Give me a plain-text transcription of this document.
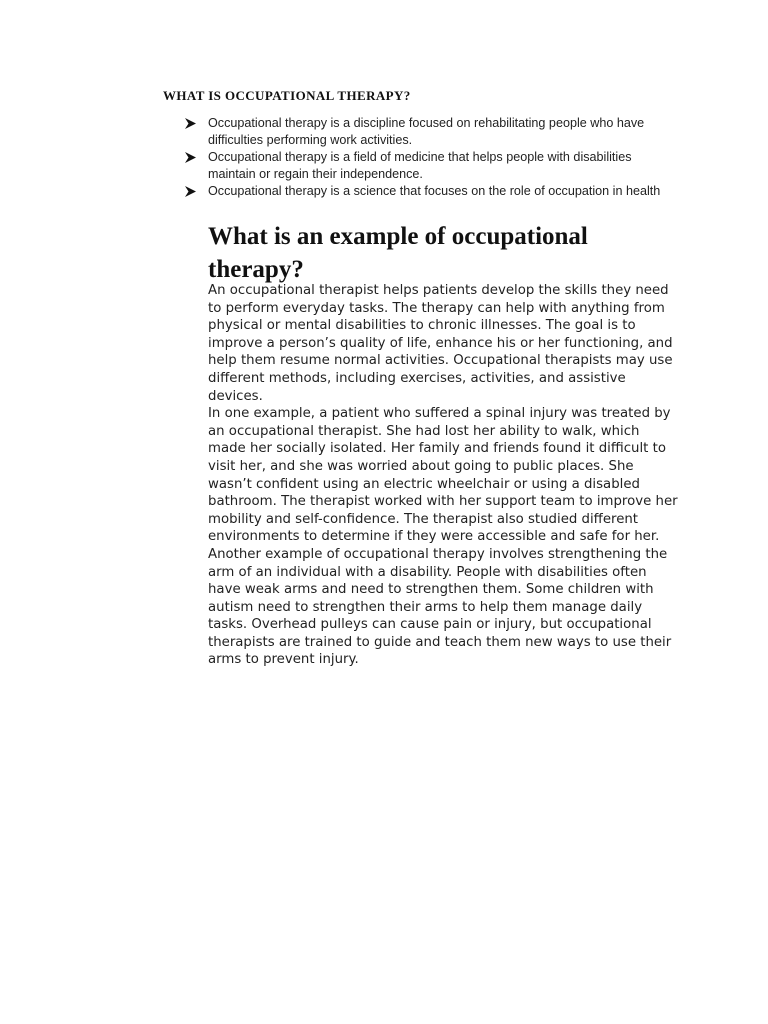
WHAT IS OCCUPATIONAL THERAPY?
Occupational therapy is a discipline focused on rehabilitating people who have difficulties performing work activities.
Occupational therapy is a field of medicine that helps people with disabilities maintain or regain their independence.
Occupational therapy is a science that focuses on the role of occupation in health
What is an example of occupational therapy?

An occupational therapist helps patients develop the skills they need to perform everyday tasks. The therapy can help with anything from physical or mental disabilities to chronic illnesses. The goal is to improve a person’s quality of life, enhance his or her functioning, and help them resume normal activities. Occupational therapists may use different methods, including exercises, activities, and assistive devices.

In one example, a patient who suffered a spinal injury was treated by an occupational therapist. She had lost her ability to walk, which made her socially isolated. Her family and friends found it difficult to visit her, and she was worried about going to public places. She wasn’t confident using an electric wheelchair or using a disabled bathroom. The therapist worked with her support team to improve her mobility and self-confidence. The therapist also studied different environments to determine if they were accessible and safe for her.

Another example of occupational therapy involves strengthening the arm of an individual with a disability. People with disabilities often have weak arms and need to strengthen them. Some children with autism need to strengthen their arms to help them manage daily tasks. Overhead pulleys can cause pain or injury, but occupational therapists are trained to guide and teach them new ways to use their arms to prevent injury.
